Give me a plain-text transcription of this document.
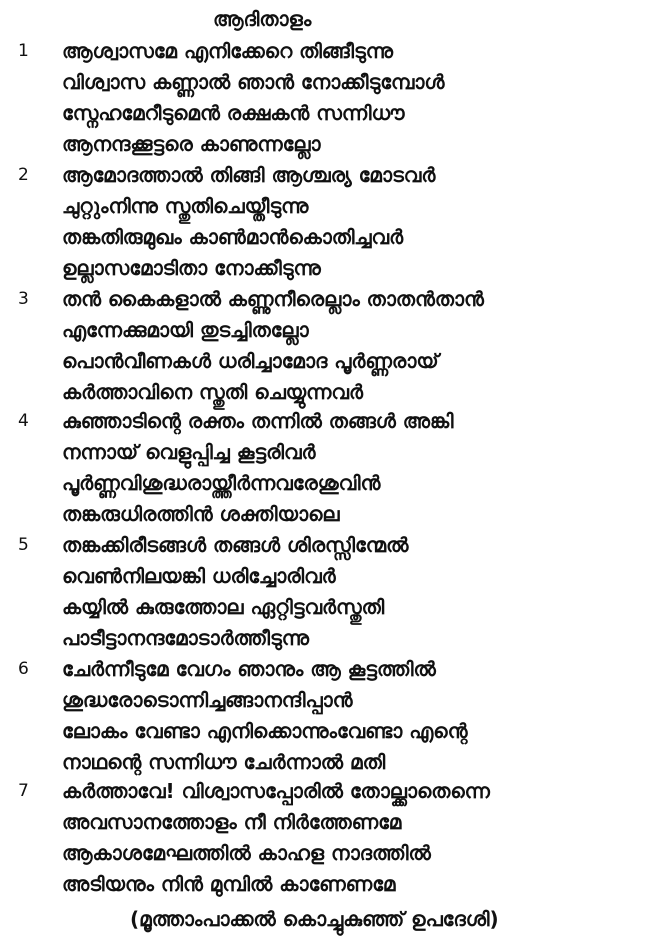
ആദിതാളം
1	ആശ്വാസമേ എനിക്കേറെ തിങ്ങീടുന്നു
വിശ്വാസ കണ്ണാൽ ഞാൻ നോക്കീടുമ്പോൾ
സ്നേഹമേറീടുമെൻ രക്ഷകൻ സന്നിധൗ
ആനന്ദക്കൂട്ടരെ കാണുന്നല്ലോ
2	ആമോദത്താൽ തിങ്ങി ആശ്ചര്യ മോടവർ
ചുറ്റുംനിന്നു സ്തുതിചെയ്തീടുന്നു
തങ്കതിരുമുഖം കാൺമാൻകൊതിച്ചവർ
ഉല്ലാസമോടിതാ നോക്കീടുന്നു
3	തൻ കൈകളാൽ കണ്ണുനീരെല്ലാം താതൻതാൻ
എന്നേക്കുമായി തുടച്ചിതല്ലോ
പൊൻവീണകൾ ധരിച്ചാമോദ പൂർണ്ണരായ്
കർത്താവിനെ സ്തുതി ചെയ്യുന്നവർ
4	കുഞ്ഞാടിന്റെ രക്തം തന്നിൽ തങ്ങൾ അങ്കി
നന്നായ് വെളുപ്പിച്ച കൂട്ടരിവർ
പൂർണ്ണവിശുദ്ധരായ്ത്തീർന്നവരേശുവിൻ
തങ്കരുധിരത്തിൻ ശക്തിയാലെ
5	തങ്കക്കിരീടങ്ങൾ തങ്ങൾ ശിരസ്സിന്മേൽ
വെൺനിലയങ്കി ധരിച്ചോരിവർ
കയ്യിൽ കുരുത്തോല ഏറ്റിട്ടവർസ്തുതി
പാടീട്ടാനന്ദമോടാർത്തീടുന്നു
6	ചേർന്നീടുമേ വേഗം ഞാനും ആ കൂട്ടത്തിൽ
ശുദ്ധരോടൊന്നിച്ചങ്ങാനന്ദിപ്പാൻ
ലോകം വേണ്ടാ എനിക്കൊന്നുംവേണ്ടാ എന്റെ
നാഥന്റെ സന്നിധൗ ചേർന്നാൽ മതി
7	കർത്താവേ! വിശ്വാസപ്പോരിൽ തോല്ക്കാതെന്നെ
അവസാനത്തോളം നീ നിർത്തേണമേ
ആകാശമേഘത്തിൽ കാഹള നാദത്തിൽ
അടിയനും നിൻ മുമ്പിൽ കാണേണമേ
(മൂത്താംപാക്കൽ കൊച്ചുകുഞ്ഞ് ഉപദേശി)
